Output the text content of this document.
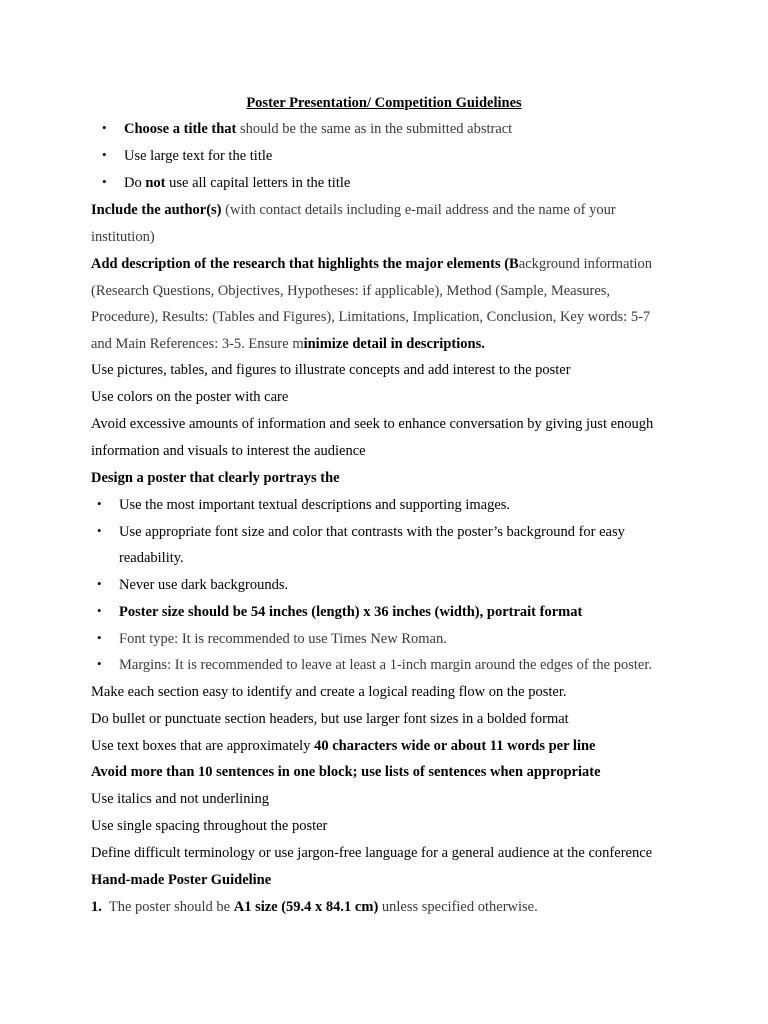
Poster Presentation/ Competition Guidelines
• Choose a title that should be the same as in the submitted abstract
• Use large text for the title
• Do not use all capital letters in the title
Include the author(s) (with contact details including e-mail address and the name of your
institution)
Add description of the research that highlights the major elements (Background information
(Research Questions, Objectives, Hypotheses: if applicable), Method (Sample, Measures,
Procedure), Results: (Tables and Figures), Limitations, Implication, Conclusion, Key words: 5-7
and Main References: 3-5. Ensure minimize detail in descriptions.
Use pictures, tables, and figures to illustrate concepts and add interest to the poster
Use colors on the poster with care
Avoid excessive amounts of information and seek to enhance conversation by giving just enough
information and visuals to interest the audience
Design a poster that clearly portrays the
• Use the most important textual descriptions and supporting images.
• Use appropriate font size and color that contrasts with the poster’s background for easy
readability.
• Never use dark backgrounds.
• Poster size should be 54 inches (length) x 36 inches (width), portrait format
• Font type: It is recommended to use Times New Roman.
• Margins: It is recommended to leave at least a 1-inch margin around the edges of the poster.
Make each section easy to identify and create a logical reading flow on the poster.
Do bullet or punctuate section headers, but use larger font sizes in a bolded format
Use text boxes that are approximately 40 characters wide or about 11 words per line
Avoid more than 10 sentences in one block; use lists of sentences when appropriate
Use italics and not underlining
Use single spacing throughout the poster
Define difficult terminology or use jargon-free language for a general audience at the conference
Hand-made Poster Guideline
1. The poster should be A1 size (59.4 x 84.1 cm) unless specified otherwise.
